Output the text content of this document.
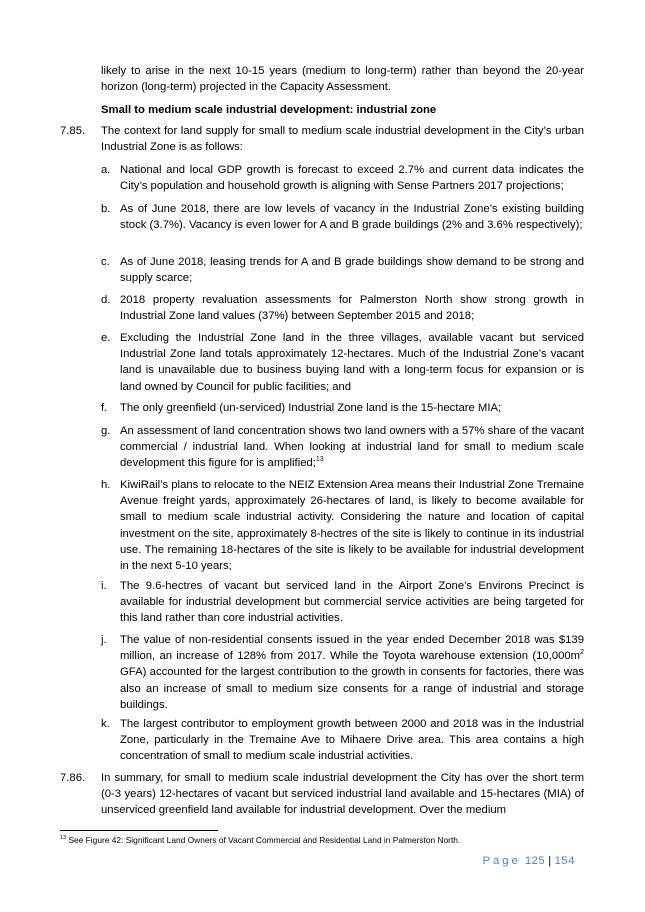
likely to arise in the next 10-15 years (medium to long-term) rather than beyond the 20-year horizon (long-term) projected in the Capacity Assessment.

Small to medium scale industrial development: industrial zone

7.85. The context for land supply for small to medium scale industrial development in the City’s urban Industrial Zone is as follows:

a. National and local GDP growth is forecast to exceed 2.7% and current data indicates the City’s population and household growth is aligning with Sense Partners 2017 projections;

b. As of June 2018, there are low levels of vacancy in the Industrial Zone’s existing building stock (3.7%). Vacancy is even lower for A and B grade buildings (2% and 3.6% respectively);

c. As of June 2018, leasing trends for A and B grade buildings show demand to be strong and supply scarce;

d. 2018 property revaluation assessments for Palmerston North show strong growth in Industrial Zone land values (37%) between September 2015 and 2018;

e. Excluding the Industrial Zone land in the three villages, available vacant but serviced Industrial Zone land totals approximately 12-hectares. Much of the Industrial Zone’s vacant land is unavailable due to business buying land with a long-term focus for expansion or is land owned by Council for public facilities; and

f. The only greenfield (un-serviced) Industrial Zone land is the 15-hectare MIA;

g. An assessment of land concentration shows two land owners with a 57% share of the vacant commercial / industrial land. When looking at industrial land for small to medium scale development this figure for is amplified;$^{13}$

h. KiwiRail’s plans to relocate to the NEIZ Extension Area means their Industrial Zone Tremaine Avenue freight yards, approximately 26-hectares of land, is likely to become available for small to medium scale industrial activity. Considering the nature and location of capital investment on the site, approximately 8-hectres of the site is likely to continue in its industrial use. The remaining 18-hectares of the site is likely to be available for industrial development in the next 5-10 years;

i. The 9.6-hectres of vacant but serviced land in the Airport Zone’s Environs Precinct is available for industrial development but commercial service activities are being targeted for this land rather than core industrial activities.

j. The value of non-residential consents issued in the year ended December 2018 was $139 million, an increase of 128% from 2017. While the Toyota warehouse extension ($10,000m^2$ GFA) accounted for the largest contribution to the growth in consents for factories, there was also an increase of small to medium size consents for a range of industrial and storage buildings.

k. The largest contributor to employment growth between 2000 and 2018 was in the Industrial Zone, particularly in the Tremaine Ave to Mihaere Drive area. This area contains a high concentration of small to medium scale industrial activities.

7.86. In summary, for small to medium scale industrial development the City has over the short term (0-3 years) 12-hectares of vacant but serviced industrial land available and 15-hectares (MIA) of unserviced greenfield land available for industrial development. Over the medium

$^{13}$ See Figure 42: Significant Land Owners of Vacant Commercial and Residential Land in Palmerston North.
Page 125 | 154
